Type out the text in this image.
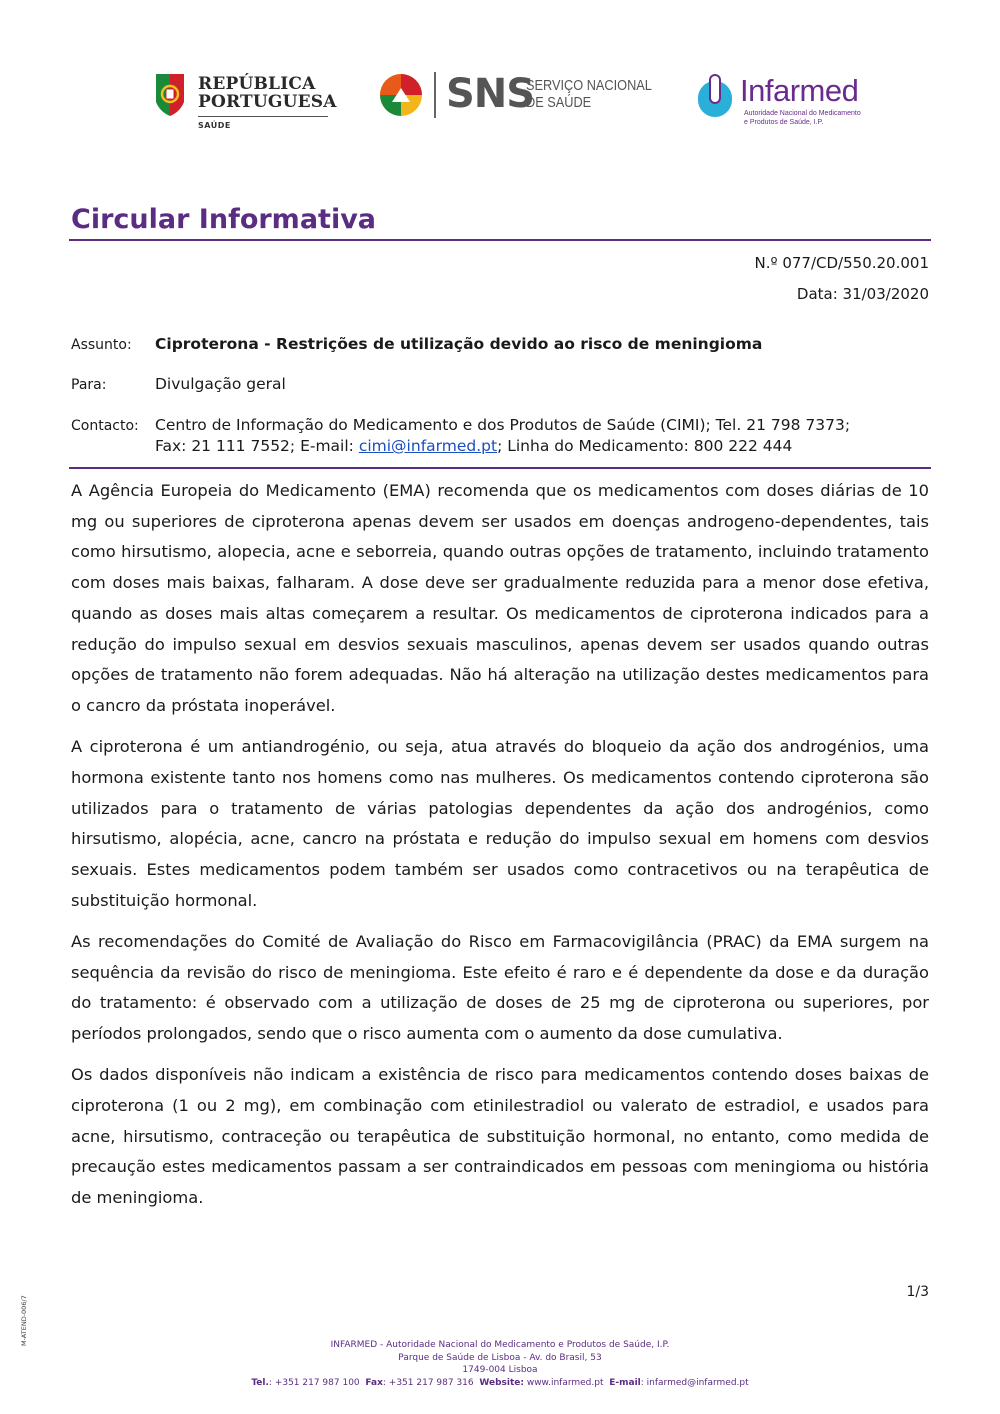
REPÚBLICA
PORTUGUESA
SAÚDE
SNS
SERVIÇO NACIONAL
DE SAÚDE	Infarmed
Autoridade Nacional do Medicamento
e Produtos de Saúde, I.P.
Circular Informativa
N.º 077/CD/550.20.001
Data: 31/03/2020
Assunto: Ciproterona - Restrições de utilização devido ao risco de meningioma
Para:	Divulgação geral
Contacto: Centro de Informação do Medicamento e dos Produtos de Saúde (CIMI); Tel. 21 798 7373;
Fax: 21 111 7552; E-mail: cimi@infarmed.pt; Linha do Medicamento: 800 222 444

A Agência Europeia do Medicamento (EMA) recomenda que os medicamentos com doses diárias de 10 mg ou superiores de ciproterona apenas devem ser usados em doenças androgeno-dependentes, tais como hirsutismo, alopecia, acne e seborreia, quando outras opções de tratamento, incluindo tratamento com doses mais baixas, falharam. A dose deve ser gradualmente reduzida para a menor dose efetiva, quando as doses mais altas começarem a resultar. Os medicamentos de ciproterona indicados para a redução do impulso sexual em desvios sexuais masculinos, apenas devem ser usados quando outras opções de tratamento não forem adequadas. Não há alteração na utilização destes medicamentos para o cancro da próstata inoperável.

A ciproterona é um antiandrogénio, ou seja, atua através do bloqueio da ação dos androgénios, uma hormona existente tanto nos homens como nas mulheres. Os medicamentos contendo ciproterona são utilizados para o tratamento de várias patologias dependentes da ação dos androgénios, como hirsutismo, alopécia, acne, cancro na próstata e redução do impulso sexual em homens com desvios sexuais. Estes medicamentos podem também ser usados como contracetivos ou na terapêutica de substituição hormonal.

As recomendações do Comité de Avaliação do Risco em Farmacovigilância (PRAC) da EMA surgem na sequência da revisão do risco de meningioma. Este efeito é raro e é dependente da dose e da duração do tratamento: é observado com a utilização de doses de 25 mg de ciproterona ou superiores, por períodos prolongados, sendo que o risco aumenta com o aumento da dose cumulativa.

Os dados disponíveis não indicam a existência de risco para medicamentos contendo doses baixas de ciproterona (1 ou 2 mg), em combinação com etinilestradiol ou valerato de estradiol, e usados para acne, hirsutismo, contraceção ou terapêutica de substituição hormonal, no entanto, como medida de precaução estes medicamentos passam a ser contraindicados em pessoas com meningioma ou história de meningioma.

1/3
M-ATEND-006/7	INFARMED - Autoridade Nacional do Medicamento e Produtos de Saúde, I.P.
Parque de Saúde de Lisboa - Av. do Brasil, 53
1749-004 Lisboa
Tel.: +351 217 987 100 Fax: +351 217 987 316 Website: www.infarmed.pt E-mail: infarmed@infarmed.pt
